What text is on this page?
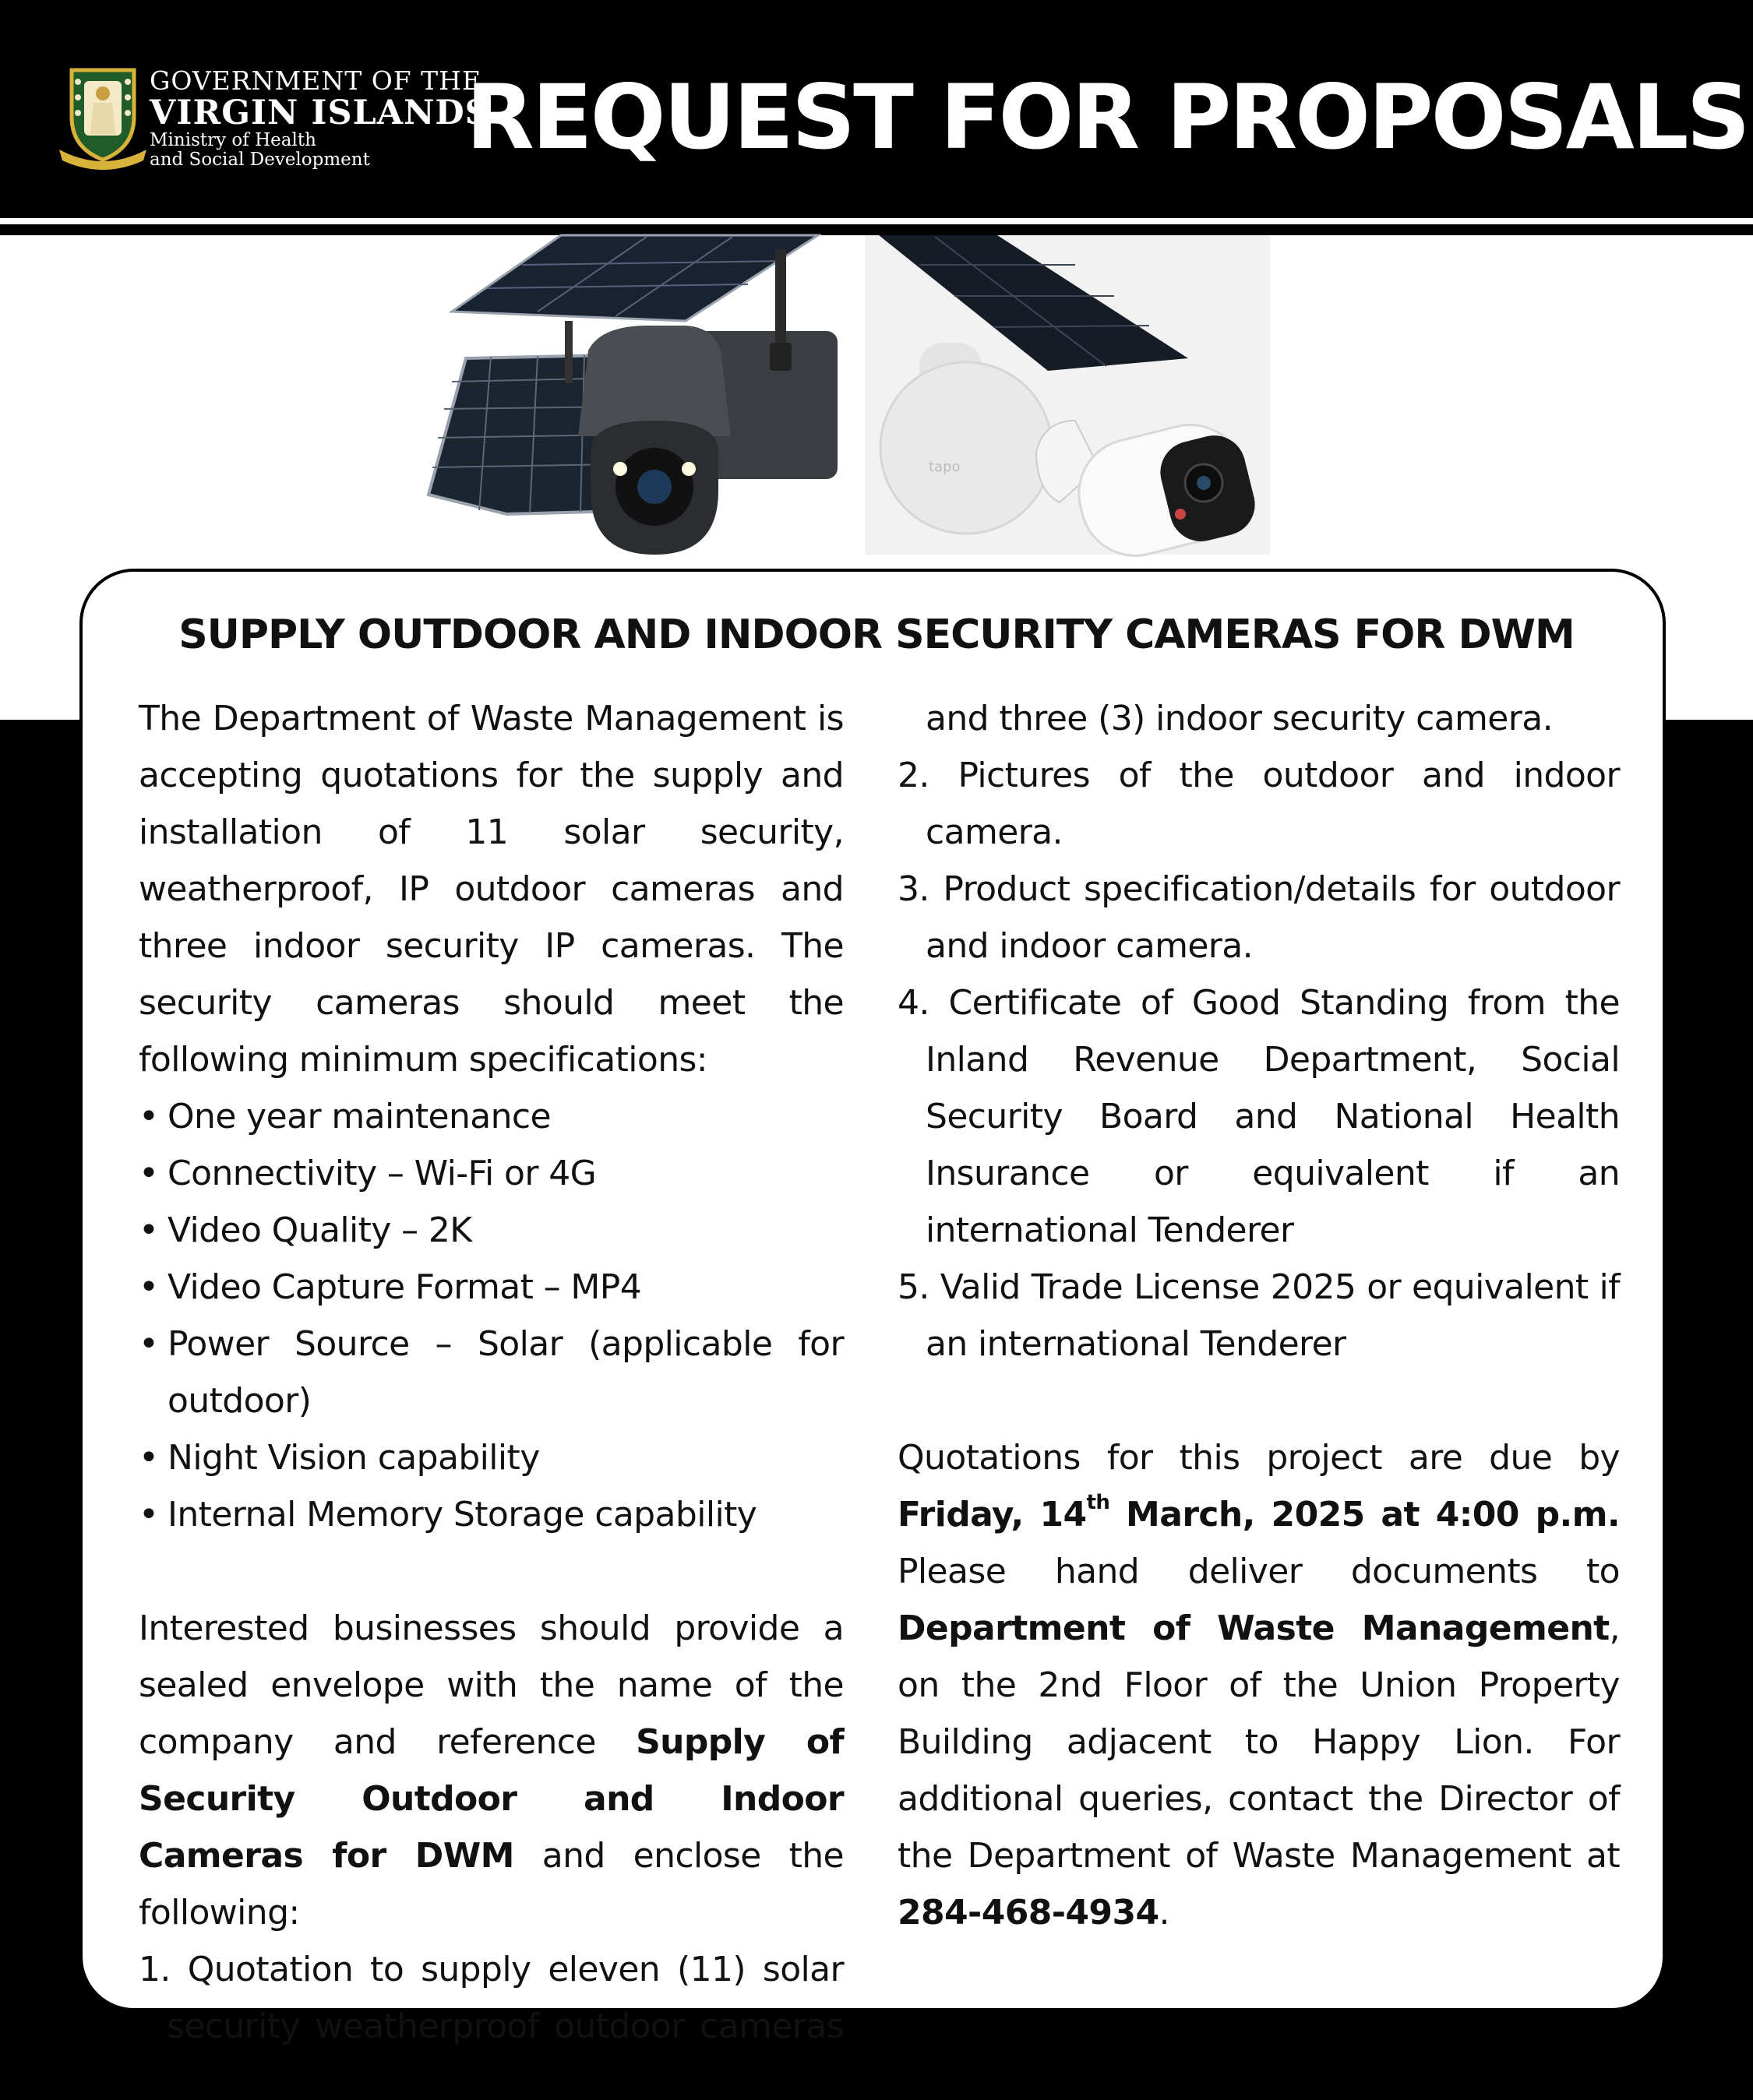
GOVERNMENT OF THE
VIRGIN ISLANDS
Ministry of Health
and Social Development	REQUEST FOR PROPOSALS
tapo
SUPPLY OUTDOOR AND INDOOR SECURITY CAMERAS FOR DWM

The Department of Waste Management is accepting quotations for the supply and installation of 11 solar security, weatherproof, IP outdoor cameras and three indoor security IP cameras. The security cameras should meet the following minimum specifications:

• One year maintenance
• Connectivity – Wi-Fi or 4G
• Video Quality – 2K
• Video Capture Format – MP4
• Power Source – Solar (applicable for outdoor)
• Night Vision capability
• Internal Memory Storage capability

Interested businesses should provide a sealed envelope with the name of the company and reference Supply of Security Outdoor and Indoor Cameras for DWM and enclose the following:

1. Quotation to supply eleven (11) solar
security weatherproof outdoor cameras
and three (3) indoor security camera.
2. Pictures of the outdoor and indoor camera.
3. Product specification/details for outdoor and indoor camera.
4. Certificate of Good Standing from the Inland Revenue Department, Social Security Board and National Health Insurance or equivalent if an international Tenderer
5. Valid Trade License 2025 or equivalent if an international Tenderer

Quotations for this project are due by Friday, 14th March, 2025 at 4:00 p.m. Please hand deliver documents to Department of Waste Management, on the 2nd Floor of the Union Property Building adjacent to Happy Lion. For additional queries, contact the Director of the Department of Waste Management at 284-468-4934.
